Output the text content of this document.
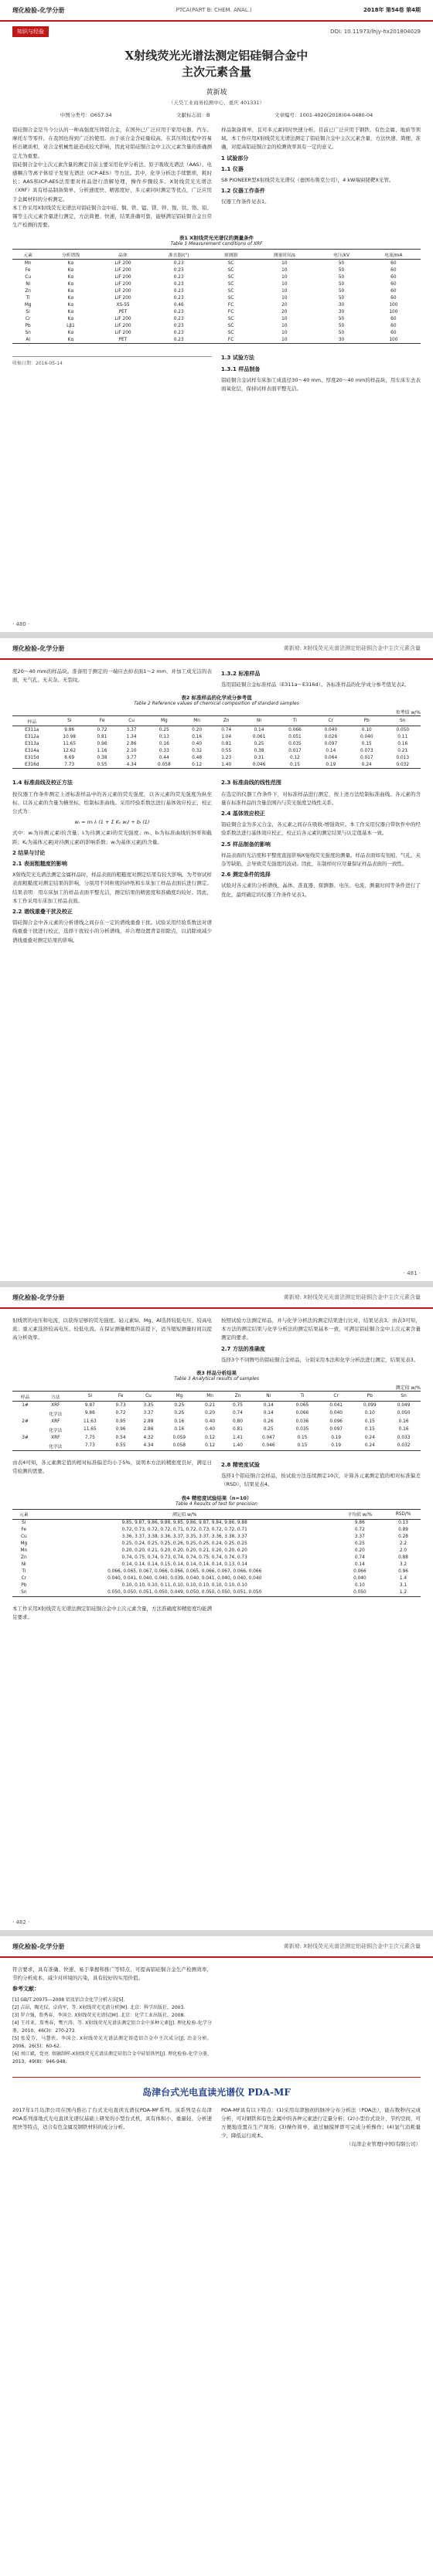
理化检验-化学分册	PTCA(PART B: CHEM. ANAL.)	2018年 第54卷 第4期
知识与经验	DOI: 10.11973/lhjy-hx201804029
X射线荧光光谱法测定铝硅铜合金中
主次元素含量
黄新坡
（天昊工业商务检测中心，重庆 401331）
中图分类号：O657.34	文献标志码：B	文章编号：1001-4020(2018)04-0480-04

铝硅铜合金是当今公认的一种高强度压铸铝合金，在国外已广泛应用于家用电器、汽车、摩托车等零件，在我国也得到广泛的使用。由于该合金含硅量较高，在其压铸过程中容易析出硬质相，对合金机械性能造成较大影响，因此对铝硅铜合金中主次元素含量的准确测定尤为重要。

铝硅铜合金中主次元素含量的测定目前主要采用化学分析法、原子吸收光谱法（AAS）、电感耦合等离子体原子发射光谱法（ICP-AES）等方法。其中，化学分析法手续繁琐，耗时长；AAS和ICP-AES法需要对样品进行溶解处理，操作步骤较多。X射线荧光光谱法（XRF）具有样品制备简单、分析速度快、精密度好、多元素同时测定等优点，广泛应用于金属材料的分析测定。

本工作采用X射线荧光光谱法对铝硅铜合金中硅、铜、铁、锰、镁、锌、镍、钛、铬、铅、锡等主次元素含量进行测定，方法简便、快速，结果准确可靠，能够满足铝硅铜合金日常生产检测的需要。

样品制备简单，且可多元素同时快速分析。目前已广泛应用于钢铁、有色金属、地质等领域。本工作应用X射线荧光光谱法测定了铝硅铜合金中主次元素含量，方法快速、简便、准确，对提高铝硅铜合金的检测效率具有一定的意义。

1 试验部分
1.1 仪器

S8 PIONEER型X射线荧光光谱仪（德国布鲁克公司），4 kW端窗铑靶X光管。

1.2 仪器工作条件

仪器工作条件见表1。

表1 X射线荧光光谱仪的测量条件
Table 1 Measurement conditions of XRF
元素	分析谱线	晶体	准直器/(°)	探测器	测量时间/s	电压/kV	电流/mA
Mn	Kα	LiF 200	0.23	SC	10	50	60
Fe	Kα	LiF 200	0.23	SC	10	50	60
Cu	Kα	LiF 200	0.23	SC	10	50	60
Ni	Kα	LiF 200	0.23	SC	10	50	60
Zn	Kα	LiF 200	0.23	SC	10	50	60
Ti	Kα	LiF 200	0.23	SC	10	50	60
Mg	Kα	XS-55	0.46	FC	20	30	100
Si	Kα	PET	0.23	FC	20	30	100
Cr	Kα	LiF 200	0.23	SC	10	50	60
Pb	Lβ1	LiF 200	0.23	SC	10	50	60
Sn	Kα	LiF 200	0.23	SC	10	50	60
Al	Kα	PET	0.23	FC	10	30	100
收稿日期：2016-05-14
1.3 试验方法
1.3.1 样品制备

铝硅铜合金试样车床加工成直径30～40 mm、厚度20～40 mm的样品块，用车床车去表面氧化层，保持试样表面平整光洁。

· 480 ·
理化检验-化学分册	黄新坡: X射线荧光光谱法测定铝硅铜合金中主次元素含量

度20～40 mm的样品块。准备用于测定的一端应去掉表面1～2 mm，并加工成光洁的表面，无气孔、无夹杂、无裂纹。

1.3.2 标准样品

选用铝硅铜合金标准样品（E311a～E316d）。各标准样品的化学成分参考值见表2。

表2 标准样品的化学成分参考值
Table 2 Reference values of chemical composition of standard samples
参考值 w/%
样品	Si	Fe	Cu	Mg	Mn	Zn	Ni	Ti	Cr	Pb	Sn
E311a	9.86	0.72	3.37	0.25	0.20	0.74	0.14	0.066	0.040	0.10	0.050
E312a	10.98	0.81	1.34	0.13	0.16	1.04	0.061	0.051	0.026	0.040	0.11
E313a	11.65	0.96	2.86	0.16	0.40	0.81	0.25	0.035	0.097	0.15	0.16
E314a	12.62	1.16	2.10	0.33	0.32	0.55	0.38	0.017	0.14	0.073	0.21
E315d	8.69	0.38	3.77	0.44	0.48	1.23	0.31	0.12	0.064	0.017	0.013
E316d	7.73	0.55	4.34	0.058	0.12	1.40	0.046	0.15	0.19	0.24	0.032
1.4 标准曲线及校正方法

按仪器工作条件测定上述标准样品中的各元素的荧光强度，以各元素的荧光强度为纵坐标、以各元素的含量为横坐标，绘制标准曲线。采用经验系数法进行基体效应校正，校正公式为：

wᵢ = mᵢ Iᵢ (1 + Σ Kᵢⱼ wⱼ) + bᵢ (1)

式中：wᵢ为待测元素i的含量；Iᵢ为待测元素i的荧光强度；mᵢ、bᵢ为标准曲线的斜率和截距；Kᵢⱼ为基体元素j对待测元素i的影响系数；wⱼ为基体元素j的含量。

2 结果与讨论
2.1 表面粗糙度的影响

X射线荧光光谱法测定金属样品时，样品表面的粗糙度对测定结果有较大影响。为考察试样表面粗糙度对测定结果的影响，分别用不同粒度的砂纸和车床加工样品表面后进行测定。结果表明：用车床加工的样品表面平整光洁，测定结果的精密度和准确度均较好。因此，本工作采用车床加工样品表面。

2.2 谱线重叠干扰及校正

铝硅铜合金中各元素的分析谱线之间存在一定的谱线重叠干扰。试验采用经验系数法对谱线重叠干扰进行校正，选择干扰较小的分析谱线，并合理设置背景扣除点，以消除或减少谱线重叠对测定结果的影响。

2.3 标准曲线的线性范围

在选定的仪器工作条件下，对标准样品进行测定，按上述方法绘制标准曲线。各元素的含量在标准样品的含量范围内与荧光强度呈线性关系。

2.4 基体效应校正

铝硅铜合金为多元合金，各元素之间存在吸收-增强效应。本工作采用仪器自带软件中的经验系数法进行基体效应校正，校正后各元素的测定结果与认定值基本一致。

2.5 样品制备的影响

样品表面的光洁度和平整度直接影响X射线荧光强度的测量。样品表面如有划痕、气孔、夹杂等缺陷，会导致荧光强度的波动。因此，在制样时应尽量保证样品表面的一致性。

2.6 测定条件的选择

试验对各元素的分析谱线、晶体、准直器、探测器、电压、电流、测量时间等条件进行了优化，最终确定的仪器工作条件见表1。

· 481 ·
理化检验-化学分册	黄新坡: X射线荧光光谱法测定铝硅铜合金中主次元素含量

射线管的电压和电流，以获得足够的荧光强度。轻元素Si、Mg、Al选择较低电压、较高电流；重元素选择较高电压、较低电流。在保证测量精度的前提下，适当缩短测量时间以提高分析效率。

按照试验方法测定样品，并与化学分析法的测定结果进行比对，结果见表3。由表3可知，本方法的测定结果与化学分析法的测定结果基本一致，可满足铝硅铜合金中主次元素含量测定的要求。

2.7 方法的准确度

选择3个不同牌号的铝硅铜合金样品，分别采用本法和化学分析法进行测定，结果见表3。

表3 样品分析结果
Table 3 Analytical results of samples
测定值 w/%
样品	方法	Si	Fe	Cu	Mg	Mn	Zn	Ni	Ti	Cr	Pb	Sn
1#	XRF	9.87	0.73	3.35	0.25	0.21	0.75	0.14	0.065	0.041	0.099	0.049
	化学法	9.86	0.72	3.37	0.25	0.20	0.74	0.14	0.066	0.040	0.10	0.050
2#	XRF	11.63	0.95	2.88	0.16	0.40	0.80	0.26	0.036	0.096	0.15	0.16
	化学法	11.65	0.96	2.86	0.16	0.40	0.81	0.25	0.035	0.097	0.15	0.16
3#	XRF	7.75	0.54	4.32	0.059	0.12	1.41	0.047	0.15	0.19	0.24	0.033
	化学法	7.73	0.55	4.34	0.058	0.12	1.40	0.046	0.15	0.19	0.24	0.032

由表4可知，各元素测定值的相对标准偏差均小于5%，说明本方法的精密度良好，满足日常检测的需要。

2.8 精密度试验

选择1个铝硅铜合金样品，按试验方法连续测定10次，计算各元素测定值的相对标准偏差（RSD），结果见表4。

表4 精密度试验结果（n=10）
Table 4 Results of test for precision
元素	测定值 w/%	平均值 w/%	RSD/%
Si	9.85, 9.87, 9.86, 9.88, 9.85, 9.86, 9.87, 9.84, 9.86, 9.88	9.86	0.13
Fe	0.72, 0.73, 0.72, 0.72, 0.71, 0.72, 0.73, 0.72, 0.72, 0.71	0.72	0.89
Cu	3.36, 3.37, 3.38, 3.36, 3.37, 3.35, 3.37, 3.36, 3.38, 3.37	3.37	0.28
Mg	0.25, 0.24, 0.25, 0.25, 0.26, 0.25, 0.25, 0.24, 0.25, 0.25	0.25	2.2
Mn	0.20, 0.20, 0.21, 0.20, 0.20, 0.20, 0.21, 0.20, 0.20, 0.20	0.20	2.0
Zn	0.74, 0.75, 0.74, 0.73, 0.74, 0.74, 0.75, 0.74, 0.74, 0.73	0.74	0.88
Ni	0.14, 0.14, 0.14, 0.15, 0.14, 0.14, 0.14, 0.14, 0.13, 0.14	0.14	3.2
Ti	0.066, 0.065, 0.067, 0.066, 0.066, 0.065, 0.066, 0.067, 0.066, 0.066	0.066	0.96
Cr	0.040, 0.041, 0.040, 0.040, 0.039, 0.040, 0.041, 0.040, 0.040, 0.040	0.040	1.4
Pb	0.10, 0.10, 0.10, 0.11, 0.10, 0.10, 0.10, 0.10, 0.10, 0.10	0.10	3.1
Sn	0.050, 0.050, 0.051, 0.050, 0.049, 0.050, 0.050, 0.050, 0.051, 0.050	0.050	1.2

本工作采用X射线荧光光谱法测定铝硅铜合金中主次元素含量，方法准确度和精密度均能满足要求。

· 482 ·
理化检验-化学分册	黄新坡: X射线荧光光谱法测定铝硅铜合金中主次元素含量

符合要求，具有准确、快速、易于掌握和推广等特点，可提高铝硅铜合金生产检测效率，节约分析成本，减少对环境的污染，具有较好的实用价值。

参考文献：
[1] GB/T 20975—2008 铝及铝合金化学分析方法[S].
[2] 吉昂，陶光仪，卓尚军，等. X射线荧光光谱分析[M]. 北京：科学出版社，2003.
[3] 罗立强，詹秀春，李国会. X射线荧光光谱仪[M]. 北京：化学工业出版社，2008.
[4] 王祎亚，詹秀春，樊兴涛，等. X射线荧光光谱法测定铝合金中多种元素[J]. 理化检验-化学分册，2010，46(3)：270-273.
[5] 张爱芬，马慧侠，李国会. X射线荧光光谱法测定铸造铝合金中主次成分[J]. 冶金分析，2006，26(5)：60-62.
[6] 刘江斌，党亮. 熔融制样-X射线荧光光谱法测定硅铝合金中硅铝铁钙[J]. 理化检验-化学分册，2013，49(8)：946-948.
岛津台式光电直读光谱仪 PDA-MF

2017年1月岛津公司在国内推出了台式光电直读光谱仪PDA-MF系列。该系列是在岛津PDA系列落地式光电直读光谱仪基础上研发的小型台式机，具有体积小、重量轻、分析速度快等特点，适合有色金属及钢铁材料的成分分析。

PDA-MF具有以下特点：(1)采用岛津独创的脉冲分布分析法（PDA法），能在数秒内完成分析，可对钢铁和有色金属中的各种元素进行定量分析；(2)小型台式设计，节约空间，可方便地设置在生产现场；(3)操作简单，通过触摸屏即可完成分析操作；(4)氩气消耗量少，降低运行成本。

（岛津企业管理(中国)有限公司）
